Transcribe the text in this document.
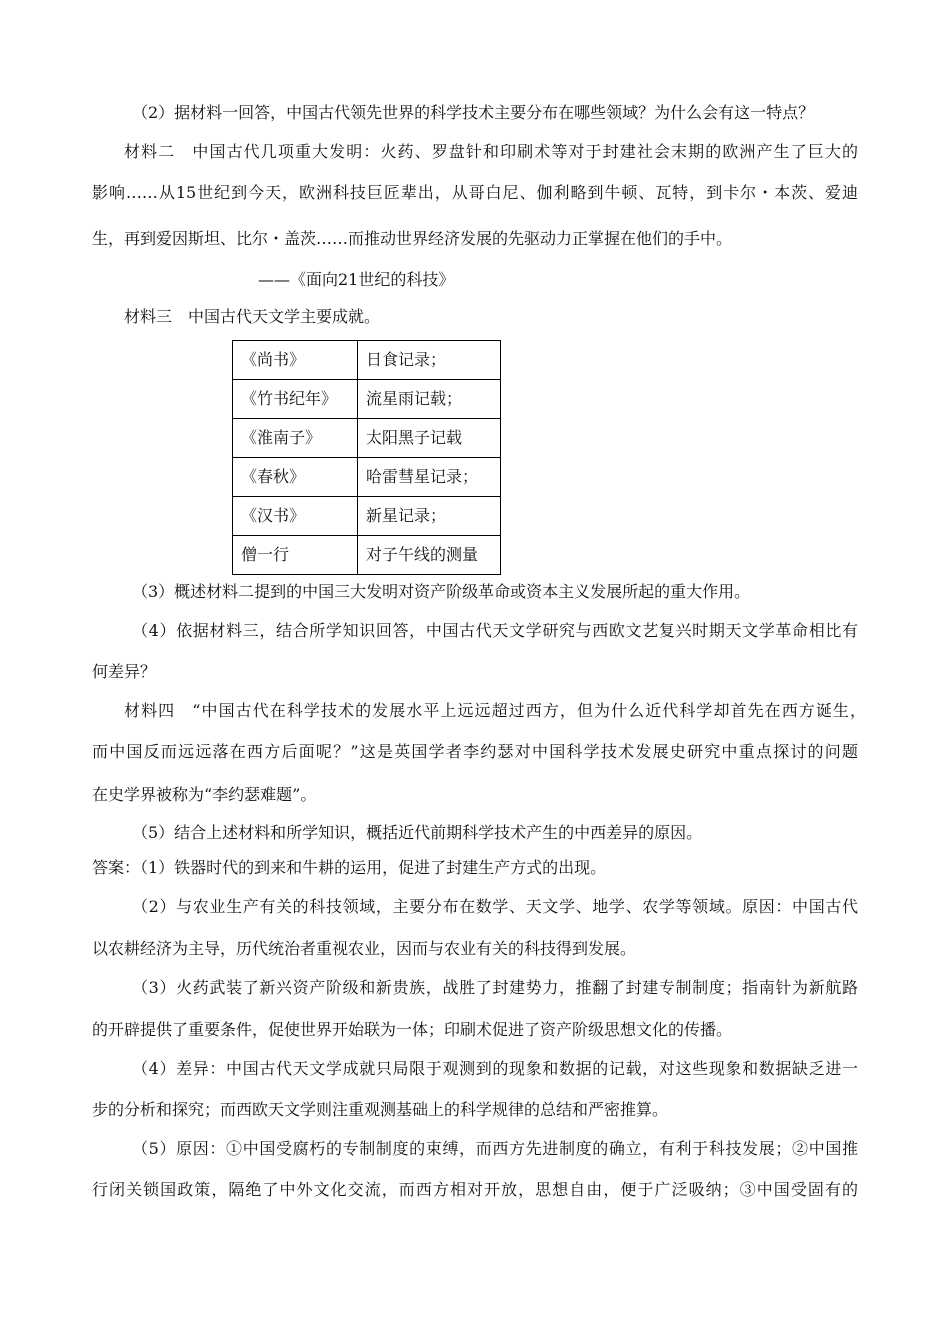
（2）据材料一回答，中国古代领先世界的科学技术主要分布在哪些领域？为什么会有这一特点？
材料二　中国古代几项重大发明：火药、罗盘针和印刷术等对于封建社会末期的欧洲产生了巨大的
影响……从15世纪到今天，欧洲科技巨匠辈出，从哥白尼、伽利略到牛顿、瓦特，到卡尔・本茨、爱迪
生，再到爱因斯坦、比尔・盖茨……而推动世界经济发展的先驱动力正掌握在他们的手中。
——《面向21世纪的科技》
材料三　中国古代天文学主要成就。
《尚书》	日食记录；
《竹书纪年》	流星雨记载；
《淮南子》	太阳黑子记载
《春秋》	哈雷彗星记录；
《汉书》	新星记录；
僧一行	对子午线的测量
（3）概述材料二提到的中国三大发明对资产阶级革命或资本主义发展所起的重大作用。
（4）依据材料三，结合所学知识回答，中国古代天文学研究与西欧文艺复兴时期天文学革命相比有
何差异？
材料四　“中国古代在科学技术的发展水平上远远超过西方，但为什么近代科学却首先在西方诞生，
而中国反而远远落在西方后面呢？”这是英国学者李约瑟对中国科学技术发展史研究中重点探讨的问题
在史学界被称为“李约瑟难题”。
（5）结合上述材料和所学知识，概括近代前期科学技术产生的中西差异的原因。
答案：（1）铁器时代的到来和牛耕的运用，促进了封建生产方式的出现。
（2）与农业生产有关的科技领域，主要分布在数学、天文学、地学、农学等领域。原因：中国古代
以农耕经济为主导，历代统治者重视农业，因而与农业有关的科技得到发展。
（3）火药武装了新兴资产阶级和新贵族，战胜了封建势力，推翻了封建专制制度；指南针为新航路
的开辟提供了重要条件，促使世界开始联为一体；印刷术促进了资产阶级思想文化的传播。
（4）差异：中国古代天文学成就只局限于观测到的现象和数据的记载，对这些现象和数据缺乏进一
步的分析和探究；而西欧天文学则注重观测基础上的科学规律的总结和严密推算。
（5）原因：①中国受腐朽的专制制度的束缚，而西方先进制度的确立，有利于科技发展；②中国推
行闭关锁国政策，隔绝了中外文化交流，而西方相对开放，思想自由，便于广泛吸纳；③中国受固有的
